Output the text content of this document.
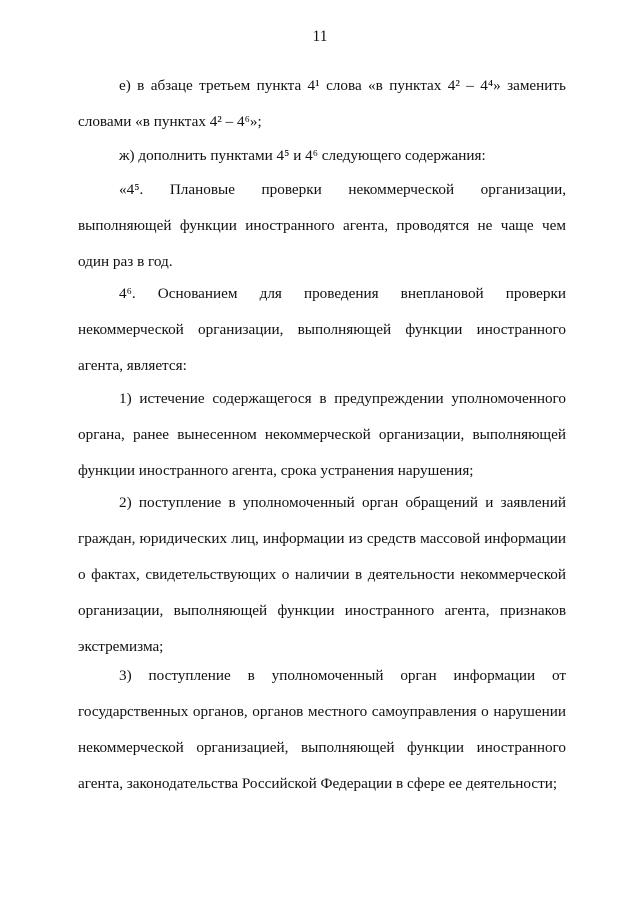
11

е) в абзаце третьем пункта 4¹ слова «в пунктах 4² – 4⁴» заменить словами «в пунктах 4² – 4⁶»;

ж) дополнить пунктами 4⁵ и 4⁶ следующего содержания:

«4⁵. Плановые проверки некоммерческой организации, выполняющей функции иностранного агента, проводятся не чаще чем один раз в год.

4⁶. Основанием для проведения внеплановой проверки некоммерческой организации, выполняющей функции иностранного агента, является:

1) истечение содержащегося в предупреждении уполномоченного органа, ранее вынесенном некоммерческой организации, выполняющей функции иностранного агента, срока устранения нарушения;

2) поступление в уполномоченный орган обращений и заявлений граждан, юридических лиц, информации из средств массовой информации о фактах, свидетельствующих о наличии в деятельности некоммерческой организации, выполняющей функции иностранного агента, признаков экстремизма;

3) поступление в уполномоченный орган информации от государственных органов, органов местного самоуправления о нарушении некоммерческой организацией, выполняющей функции иностранного агента, законодательства Российской Федерации в сфере ее деятельности;
